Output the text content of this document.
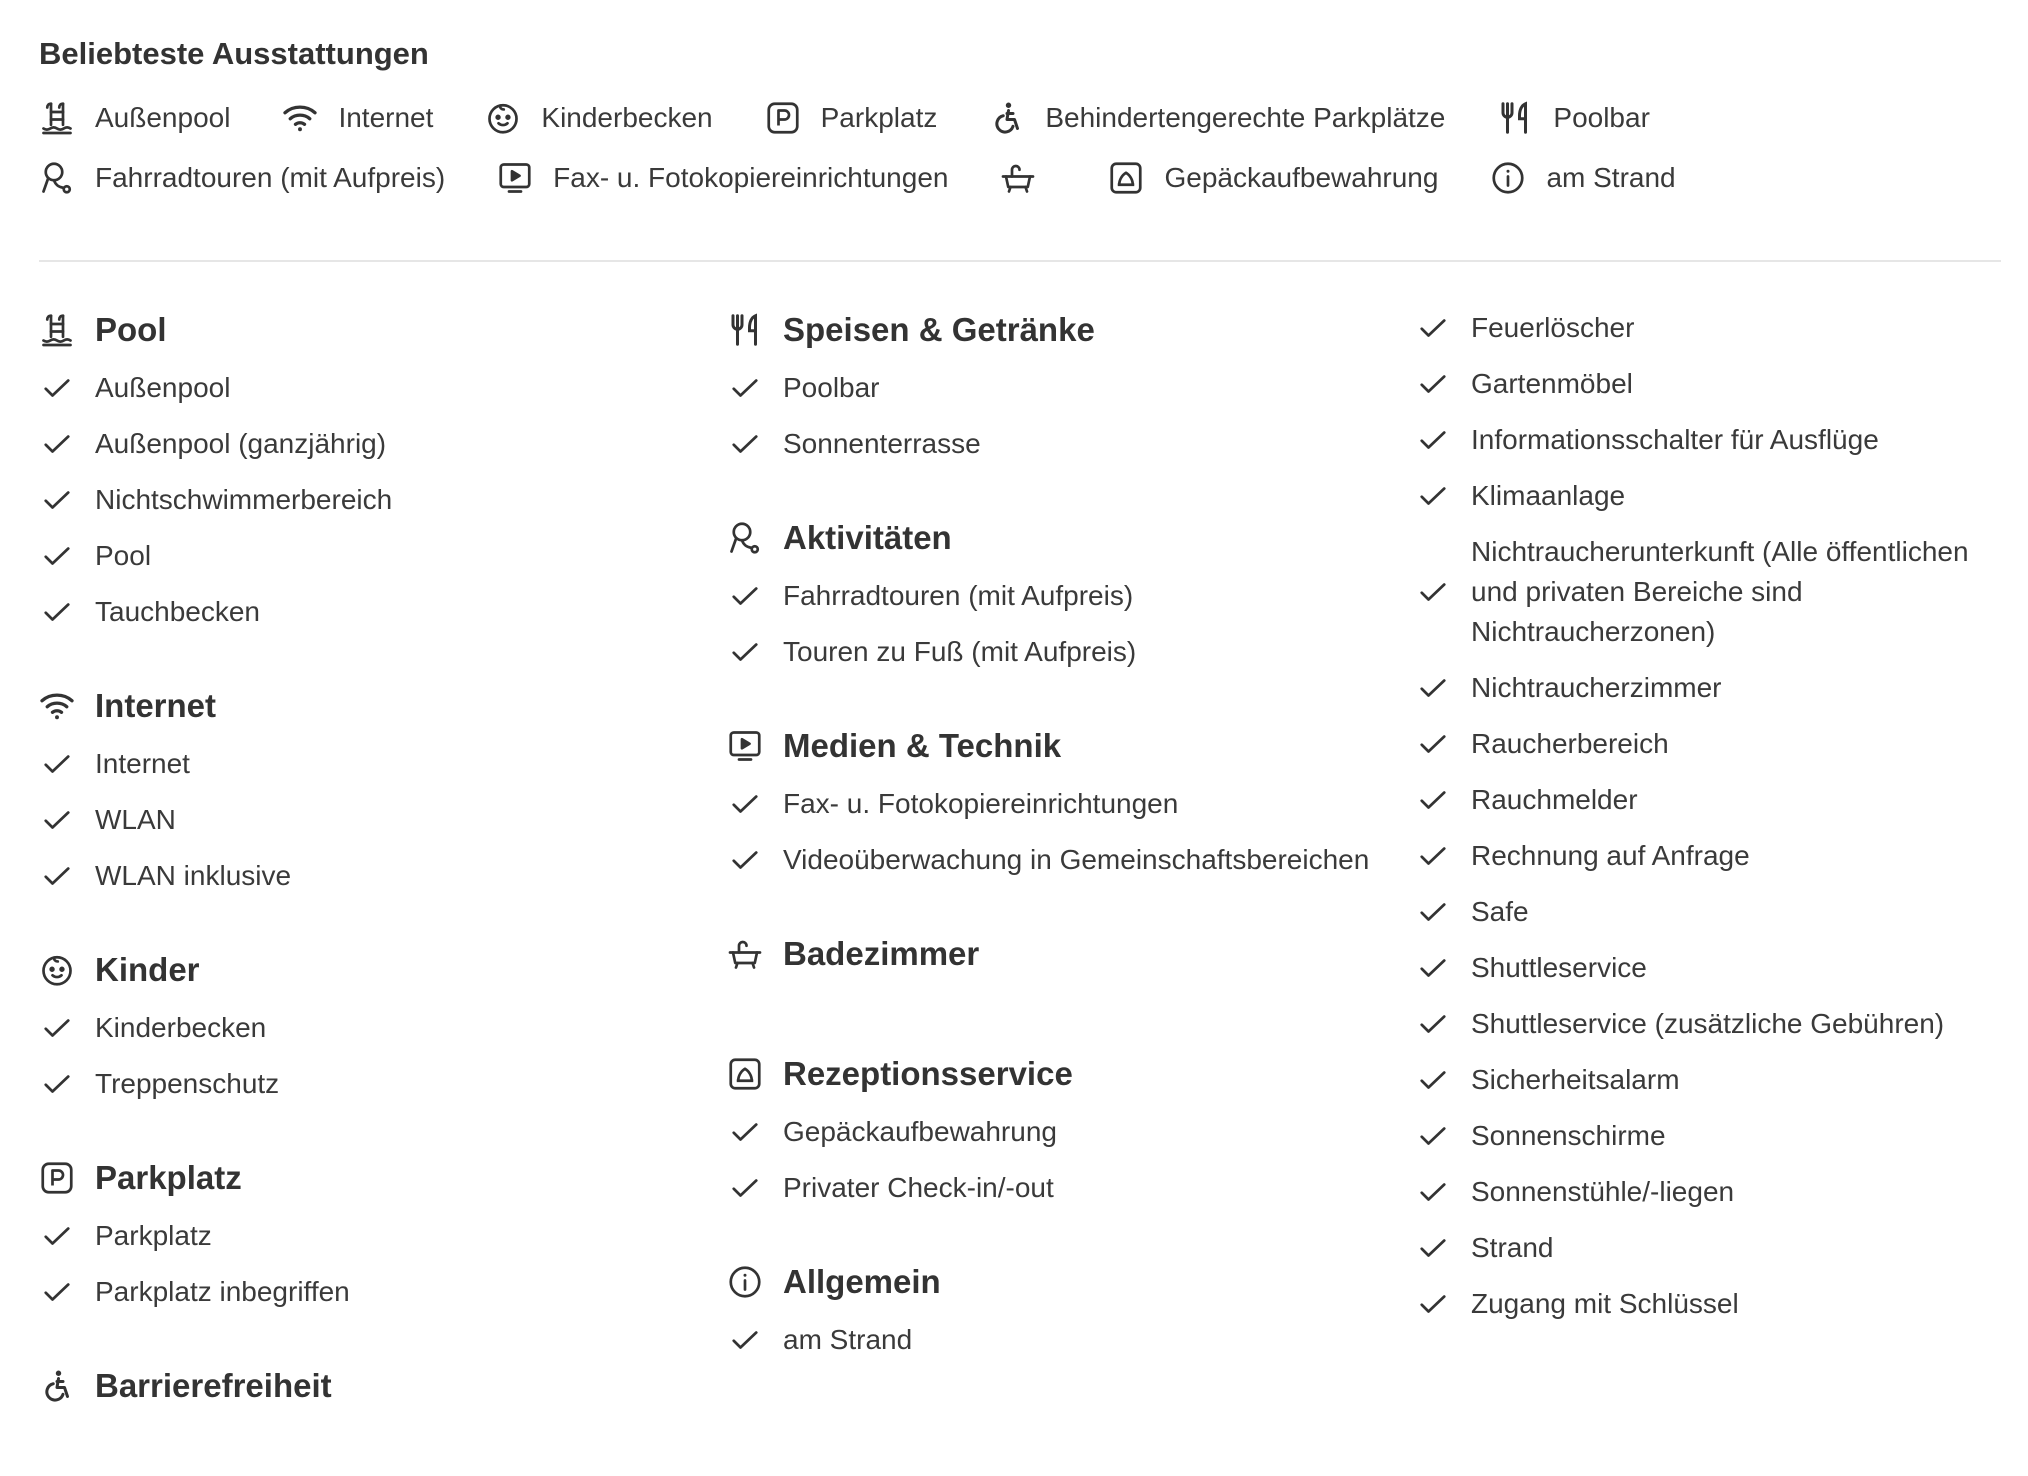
Beliebteste Ausstattungen
Außenpool	Internet	Kinderbecken	Parkplatz	Behindertengerechte Parkplätze	Poolbar
Fahrradtouren (mit Aufpreis)	Fax- u. Fotokopiereinrichtungen	Gepäckaufbewahrung	am Strand
Pool
Außenpool
Außenpool (ganzjährig)
Nichtschwimmerbereich
Pool
Tauchbecken
Internet
Internet
WLAN
WLAN inklusive
Kinder
Kinderbecken
Treppenschutz
Parkplatz
Parkplatz
Parkplatz inbegriffen
Barrierefreiheit
Speisen & Getränke
Poolbar
Sonnenterrasse
Aktivitäten
Fahrradtouren (mit Aufpreis)
Touren zu Fuß (mit Aufpreis)
Medien & Technik
Fax- u. Fotokopiereinrichtungen
Videoüberwachung in Gemeinschaftsbereichen
Badezimmer
Rezeptionsservice
Gepäckaufbewahrung
Privater Check-in/-out
Allgemein
am Strand
Feuerlöscher
Gartenmöbel
Informationsschalter für Ausflüge
Klimaanlage
Nichtraucherunterkunft (Alle öffentlichen und privaten Bereiche sind Nichtraucherzonen)
Nichtraucherzimmer
Raucherbereich
Rauchmelder
Rechnung auf Anfrage
Safe
Shuttleservice
Shuttleservice (zusätzliche Gebühren)
Sicherheitsalarm
Sonnenschirme
Sonnenstühle/-liegen
Strand
Zugang mit Schlüssel
